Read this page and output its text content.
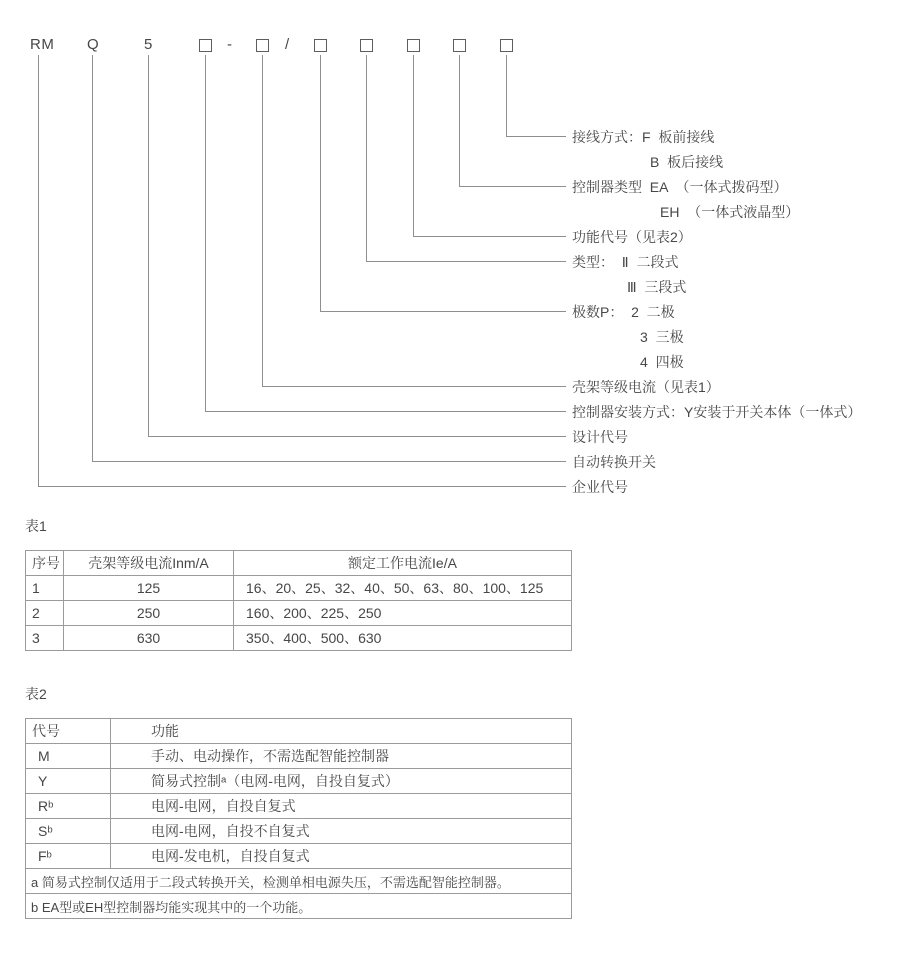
RM Q	5	-	/
接线方式：F  板前接线
B  板后接线
控制器类型  EA  （一体式拨码型）
EH  （一体式液晶型）
功能代号（见表2）
类型：  Ⅱ  二段式
Ⅲ  三段式
极数P：  2  二极
3  三极
4  四极
壳架等级电流（见表1）
控制器安装方式：Y安装于开关本体（一体式）
设计代号
自动转换开关
企业代号
表1
序号	壳架等级电流Inm/A	额定工作电流Ie/A
1	125	16、20、25、32、40、50、63、80、100、125
2	250	160、200、225、250
3	630	350、400、500、630
表2
代号	功能
M	手动、电动操作，不需选配智能控制器
Y	简易式控制ᵃ（电网-电网，自投自复式）
Rᵇ	电网-电网，自投自复式
Sᵇ	电网-电网，自投不自复式
Fᵇ	电网-发电机，自投自复式
a 简易式控制仅适用于二段式转换开关，检测单相电源失压，不需选配智能控制器。	
b EA型或EH型控制器均能实现其中的一个功能。	
